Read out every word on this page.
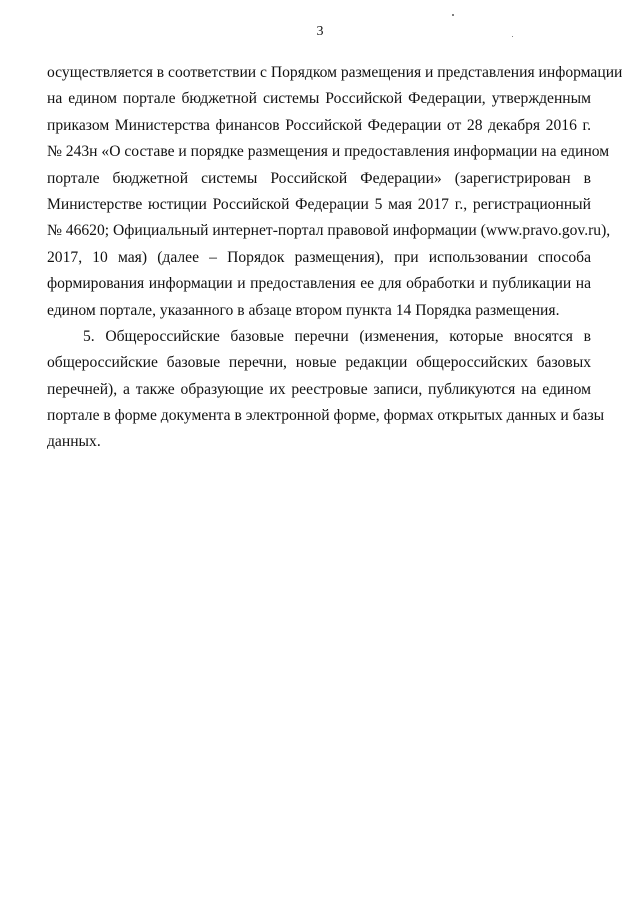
3
осуществляется в соответствии с Порядком размещения и представления информации
на едином портале бюджетной системы Российской Федерации, утвержденным
приказом Министерства финансов Российской Федерации от 28 декабря 2016 г.
№ 243н «О составе и порядке размещения и предоставления информации на едином
портале бюджетной системы Российской Федерации» (зарегистрирован в
Министерстве юстиции Российской Федерации 5 мая 2017 г., регистрационный
№ 46620; Официальный интернет-портал правовой информации (www.pravo.gov.ru),
2017, 10 мая) (далее – Порядок размещения), при использовании способа
формирования информации и предоставления ее для обработки и публикации на
едином портале, указанного в абзаце втором пункта 14 Порядка размещения.
5. Общероссийские базовые перечни (изменения, которые вносятся в
общероссийские базовые перечни, новые редакции общероссийских базовых
перечней), а также образующие их реестровые записи, публикуются на едином
портале в форме документа в электронной форме, формах открытых данных и базы
данных.
